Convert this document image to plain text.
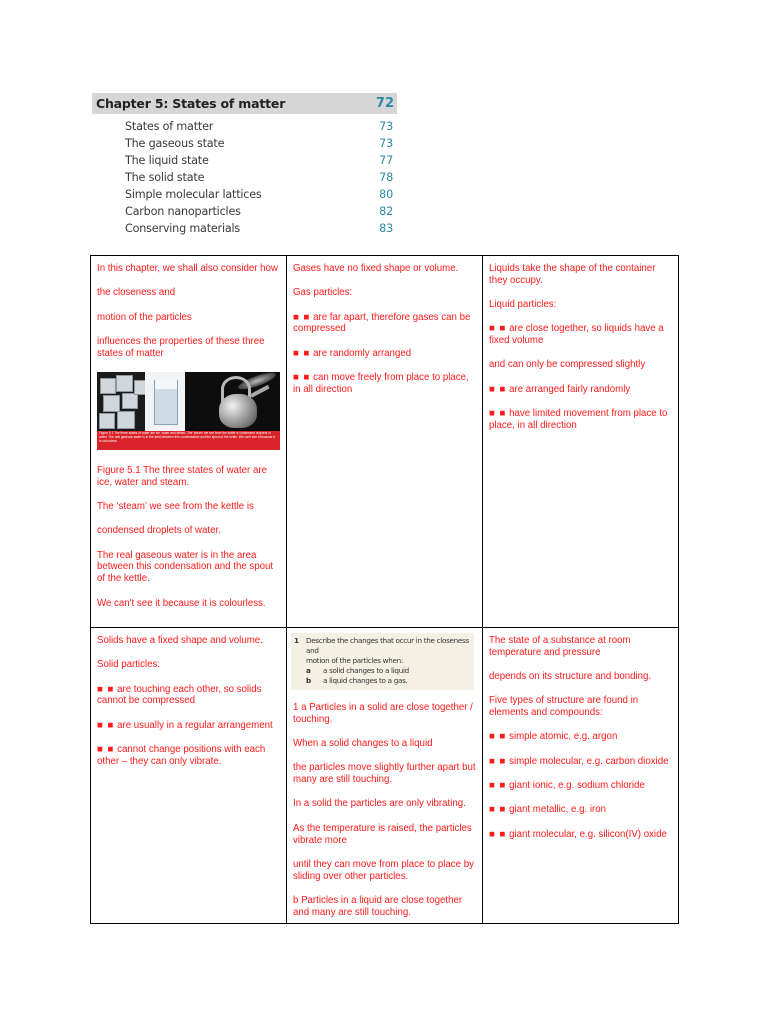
Chapter 5: States of matter	72
States of matter	73
The gaseous state	73
The liquid state	77
The solid state	78
Simple molecular lattices	80
Carbon nanoparticles	82
Conserving materials	83

In this chapter, we shall also consider how

the closeness and

motion of the particles

influences the properties of these three states of matter

Figure 5.1 The three states of water are ice, water and steam. The 'steam' we see from the kettle is condensed droplets of water. The real gaseous water is in the area between this condensation and the spout of the kettle. We can't see it because it is colourless.

Figure 5.1 The three states of water are ice, water and steam.

The ‘steam’ we see from the kettle is

condensed droplets of water.

The real gaseous water is in the area between this condensation and the spout of the kettle.

We can't see it because it is colourless.

Gases have no fixed shape or volume.

Gas particles:

■ ■ are far apart, therefore gases can be compressed

■ ■ are randomly arranged

■ ■ can move freely from place to place, in all direction

Liquids take the shape of the container they occupy.

Liquid particles:

■ ■ are close together, so liquids have a fixed volume

and can only be compressed slightly

■ ■ are arranged fairly randomly

■ ■ have limited movement from place to place, in all direction

Solids have a fixed shape and volume.

Solid particles:

■ ■ are touching each other, so solids cannot be compressed

■ ■ are usually in a regular arrangement

■ ■ cannot change positions with each other – they can only vibrate.

1	Describe the changes that occur in the closeness and
motion of the particles when:
a	a solid changes to a liquid
b	a liquid changes to a gas.

1 a Particles in a solid are close together / touching.

When a solid changes to a liquid

the particles move slightly further apart but many are still touching.

In a solid the particles are only vibrating.

As the temperature is raised, the particles vibrate more

until they can move from place to place by sliding over other particles.

b Particles in a liquid are close together and many are still touching.

The state of a substance at room temperature and pressure

depends on its structure and bonding.

Five types of structure are found in elements and compounds:

■ ■ simple atomic, e.g. argon

■ ■ simple molecular, e.g. carbon dioxide

■ ■ giant ionic, e.g. sodium chloride

■ ■ giant metallic, e.g. iron

■ ■ giant molecular, e.g. silicon(IV) oxide
